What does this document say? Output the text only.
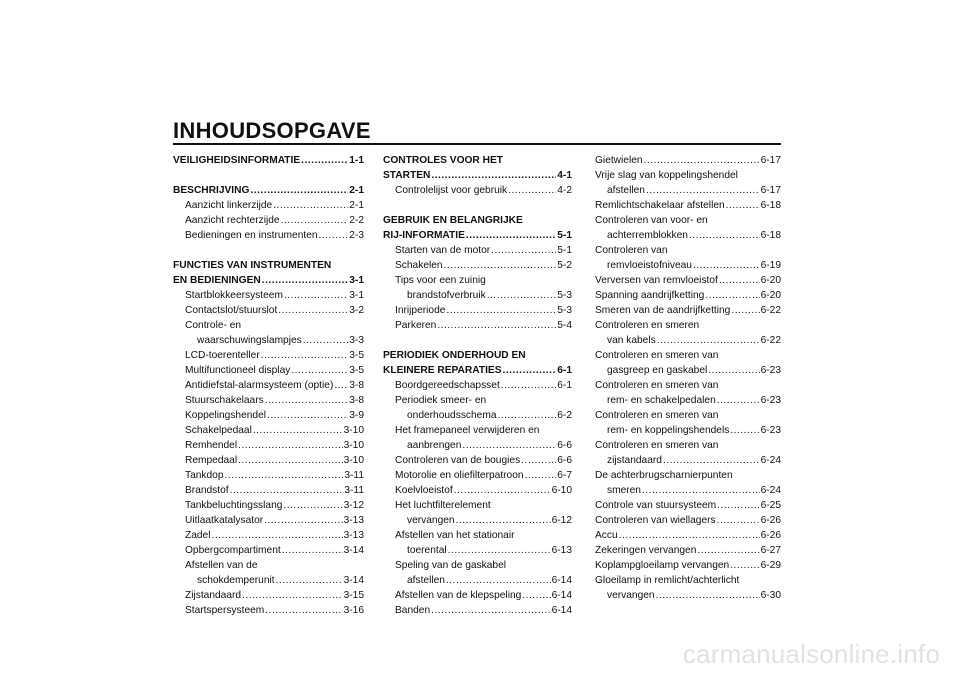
INHOUDSOPGAVE
VEILIGHEIDSINFORMATIE .....	1-1
BESCHRIJVING .....	2-1
Aanzicht linkerzijde .....	2-1
Aanzicht rechterzijde .....	2-2
Bedieningen en instrumenten .....	2-3
FUNCTIES VAN INSTRUMENTEN
EN BEDIENINGEN .....	3-1
Startblokkeersysteem .....	3-1
Contactslot/stuurslot .....	3-2
Controle- en
waarschuwingslampjes .....	3-3
LCD-toerenteller .....	3-5
Multifunctioneel display .....	3-5
Antidiefstal-alarmsysteem (optie) ..... 3-8
Stuurschakelaars .....	3-8
Koppelingshendel .....	3-9
Schakelpedaal .....	3-10
Remhendel .....	3-10
Rempedaal .....	3-10
Tankdop .....	3-11
Brandstof .....	3-11
Tankbeluchtingsslang .....	3-12
Uitlaatkatalysator .....	3-13
Zadel .....	3-13
Opbergcompartiment .....	3-14
Afstellen van de
schokdemperunit .....	3-14
Zijstandaard .....	3-15
Startspersysteem .....	3-16
CONTROLES VOOR HET
STARTEN .....	4-1
Controlelijst voor gebruik .....	4-2
GEBRUIK EN BELANGRIJKE
RIJ-INFORMATIE .....	5-1
Starten van de motor .....	5-1
Schakelen .....	5-2
Tips voor een zuinig
brandstofverbruik .....	5-3
Inrijperiode .....	5-3
Parkeren .....	5-4
PERIODIEK ONDERHOUD EN
KLEINERE REPARATIES .....	6-1
Boordgereedschapsset .....	6-1
Periodiek smeer- en
onderhoudsschema .....	6-2
Het framepaneel verwijderen en
aanbrengen .....	6-6
Controleren van de bougies .....	6-6
Motorolie en oliefilterpatroon .....	6-7
Koelvloeistof .....	6-10
Het luchtfilterelement
vervangen .....	6-12
Afstellen van het stationair
toerental .....	6-13
Speling van de gaskabel
afstellen .....	6-14
Afstellen van de klepspeling .....	6-14
Banden .....	6-14
Gietwielen .....	6-17
Vrije slag van koppelingshendel
afstellen .....	6-17
Remlichtschakelaar afstellen .....	6-18
Controleren van voor- en
achterremblokken .....	6-18
Controleren van
remvloeistofniveau .....	6-19
Verversen van remvloeistof .....	6-20
Spanning aandrijfketting .....	6-20
Smeren van de aandrijfketting .....	6-22
Controleren en smeren
van kabels .....	6-22
Controleren en smeren van
gasgreep en gaskabel .....	6-23
Controleren en smeren van
rem- en schakelpedalen .....	6-23
Controleren en smeren van
rem- en koppelingshendels .....	6-23
Controleren en smeren van
zijstandaard .....	6-24
De achterbrugscharnierpunten
smeren .....	6-24
Controle van stuursysteem .....	6-25
Controleren van wiellagers .....	6-26
Accu .....	6-26
Zekeringen vervangen .....	6-27
Koplampgloeilamp vervangen .....	6-29
Gloeilamp in remlicht/achterlicht
vervangen .....	6-30
carmanualsonline.info
